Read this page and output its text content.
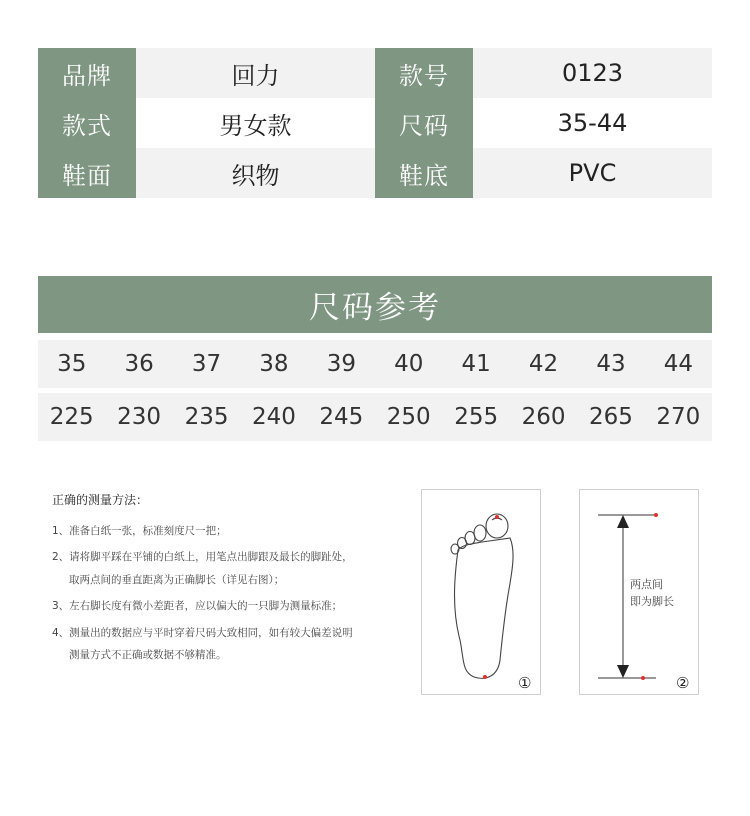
品牌	回力	款号	0123
款式	男女款	尺码	35-44
鞋面	织物	鞋底	PVC
尺码参考
35	36	37	38	39	40	41	42	43	44
225	230	235	240	245	250	255	260	265	270
正确的测量方法：
1、准备白纸一张，标准刻度尺一把；
2、请将脚平踩在平铺的白纸上，用笔点出脚跟及最长的脚趾处，
取两点间的垂直距离为正确脚长（详见右图）；
3、左右脚长度有微小差距者，应以偏大的一只脚为测量标准；
4、测量出的数据应与平时穿着尺码大致相同，如有较大偏差说明
测量方式不正确或数据不够精准。
①
两点间
即为脚长
②
